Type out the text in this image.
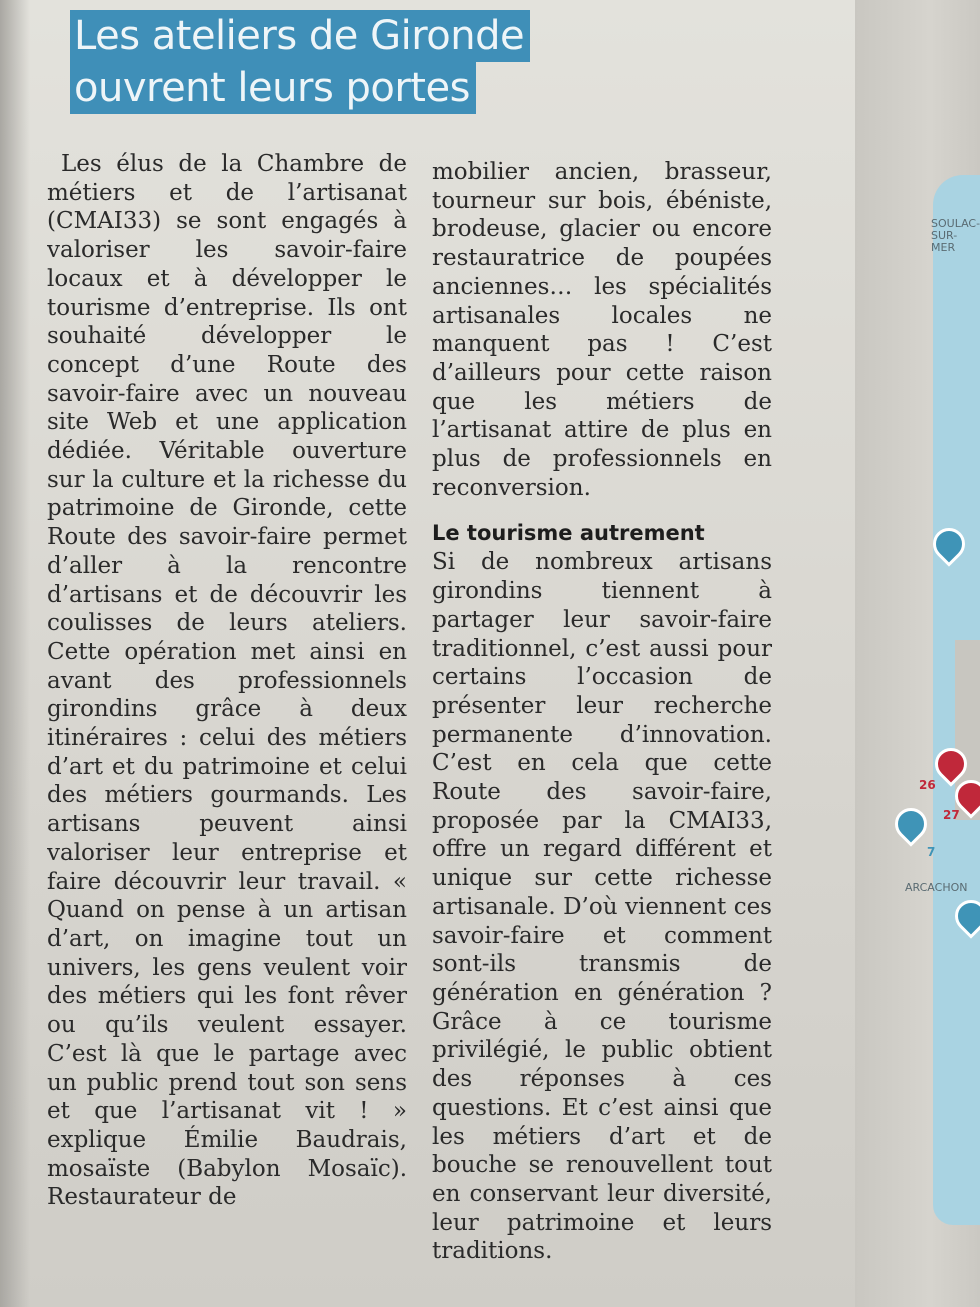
Les ateliers de Gironde
ouvrent leurs portes

Les élus de la Chambre de métiers et de l’artisanat (CMAI33) se sont engagés à valoriser les savoir-faire locaux et à développer le tourisme d’entreprise. Ils ont souhaité développer le concept d’une Route des savoir-faire avec un nouveau site Web et une application dédiée. Véritable ouverture sur la culture et la richesse du patrimoine de Gironde, cette Route des savoir-faire permet d’aller à la rencontre d’artisans et de découvrir les coulisses de leurs ateliers. Cette opération met ainsi en avant des professionnels girondins grâce à deux itinéraires : celui des métiers d’art et du patrimoine et celui des métiers gourmands. Les artisans peuvent ainsi valoriser leur entreprise et faire découvrir leur travail. « Quand on pense à un artisan d’art, on imagine tout un univers, les gens veulent voir des métiers qui les font rêver ou qu’ils veulent essayer. C’est là que le partage avec un public prend tout son sens et que l’artisanat vit ! » explique Émilie Baudrais, mosaïste (Babylon Mosaïc). Restaurateur de

mobilier ancien, brasseur, tourneur sur bois, ébéniste, brodeuse, glacier ou encore restauratrice de poupées anciennes… les spécialités artisanales locales ne manquent pas ! C’est d’ailleurs pour cette raison que les métiers de l’artisanat attire de plus en plus de professionnels en reconversion.

Le tourisme autrement

Si de nombreux artisans girondins tiennent à partager leur savoir-faire traditionnel, c’est aussi pour certains l’occasion de présenter leur recherche permanente d’innovation. C’est en cela que cette Route des savoir-faire, proposée par la CMAI33, offre un regard différent et unique sur cette richesse artisanale. D’où viennent ces savoir-faire et comment sont-ils transmis de génération en génération ? Grâce à ce tourisme privilégié, le public obtient des réponses à ces questions. Et c’est ainsi que les métiers d’art et de bouche se renouvellent tout en conservant leur diversité, leur patrimoine et leurs traditions.

SOULAC-SUR-MER
ARCACHON
26
27
7
